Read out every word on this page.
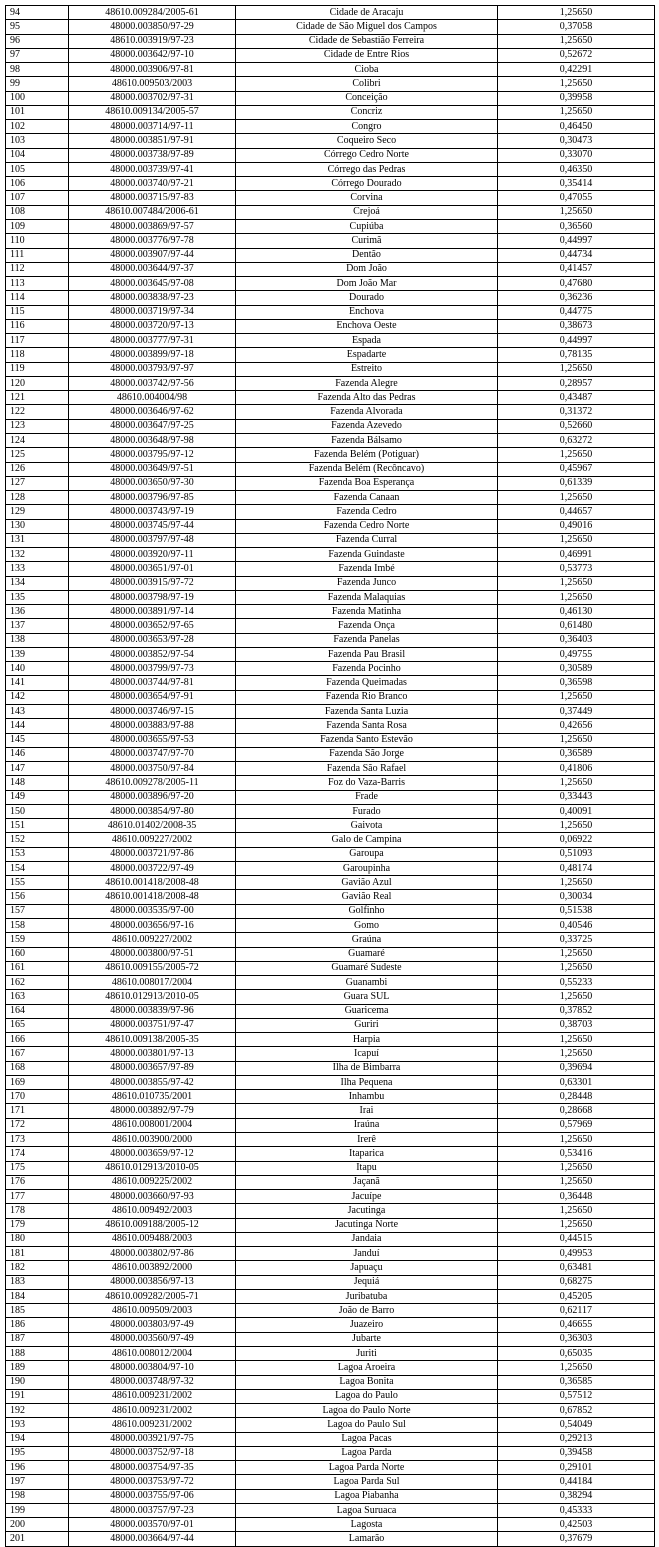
94	48610.009284/2005-61	Cidade de Aracaju	1,25650
95	48000.003850/97-29	Cidade de São Miguel dos Campos	0,37058
96	48610.003919/97-23	Cidade de Sebastião Ferreira	1,25650
97	48000.003642/97-10	Cidade de Entre Rios	0,52672
98	48000.003906/97-81	Cioba	0,42291
99	48610.009503/2003	Colibri	1,25650
100	48000.003702/97-31	Conceição	0,39958
101	48610.009134/2005-57	Concriz	1,25650
102	48000.003714/97-11	Congro	0,46450
103	48000.003851/97-91	Coqueiro Seco	0,30473
104	48000.003738/97-89	Córrego Cedro Norte	0,33070
105	48000.003739/97-41	Córrego das Pedras	0,46350
106	48000.003740/97-21	Córrego Dourado	0,35414
107	48000.003715/97-83	Corvina	0,47055
108	48610.007484/2006-61	Crejoá	1,25650
109	48000.003869/97-57	Cupiúba	0,36560
110	48000.003776/97-78	Curimã	0,44997
111	48000.003907/97-44	Dentão	0,44734
112	48000.003644/97-37	Dom João	0,41457
113	48000.003645/97-08	Dom João Mar	0,47680
114	48000.003838/97-23	Dourado	0,36236
115	48000.003719/97-34	Enchova	0,44775
116	48000.003720/97-13	Enchova Oeste	0,38673
117	48000.003777/97-31	Espada	0,44997
118	48000.003899/97-18	Espadarte	0,78135
119	48000.003793/97-97	Estreito	1,25650
120	48000.003742/97-56	Fazenda Alegre	0,28957
121	48610.004004/98	Fazenda Alto das Pedras	0,43487
122	48000.003646/97-62	Fazenda Alvorada	0,31372
123	48000.003647/97-25	Fazenda Azevedo	0,52660
124	48000.003648/97-98	Fazenda Bálsamo	0,63272
125	48000.003795/97-12	Fazenda Belém (Potiguar)	1,25650
126	48000.003649/97-51	Fazenda Belém (Recôncavo)	0,45967
127	48000.003650/97-30	Fazenda Boa Esperança	0,61339
128	48000.003796/97-85	Fazenda Canaan	1,25650
129	48000.003743/97-19	Fazenda Cedro	0,44657
130	48000.003745/97-44	Fazenda Cedro Norte	0,49016
131	48000.003797/97-48	Fazenda Curral	1,25650
132	48000.003920/97-11	Fazenda Guindaste	0,46991
133	48000.003651/97-01	Fazenda Imbé	0,53773
134	48000.003915/97-72	Fazenda Junco	1,25650
135	48000.003798/97-19	Fazenda Malaquias	1,25650
136	48000.003891/97-14	Fazenda Matinha	0,46130
137	48000.003652/97-65	Fazenda Onça	0,61480
138	48000.003653/97-28	Fazenda Panelas	0,36403
139	48000.003852/97-54	Fazenda Pau Brasil	0,49755
140	48000.003799/97-73	Fazenda Pocinho	0,30589
141	48000.003744/97-81	Fazenda Queimadas	0,36598
142	48000.003654/97-91	Fazenda Rio Branco	1,25650
143	48000.003746/97-15	Fazenda Santa Luzia	0,37449
144	48000.003883/97-88	Fazenda Santa Rosa	0,42656
145	48000.003655/97-53	Fazenda Santo Estevão	1,25650
146	48000.003747/97-70	Fazenda São Jorge	0,36589
147	48000.003750/97-84	Fazenda São Rafael	0,41806
148	48610.009278/2005-11	Foz do Vaza-Barris	1,25650
149	48000.003896/97-20	Frade	0,33443
150	48000.003854/97-80	Furado	0,40091
151	48610.01402/2008-35	Gaivota	1,25650
152	48610.009227/2002	Galo de Campina	0,06922
153	48000.003721/97-86	Garoupa	0,51093
154	48000.003722/97-49	Garoupinha	0,48174
155	48610.001418/2008-48	Gavião Azul	1,25650
156	48610.001418/2008-48	Gavião Real	0,30034
157	48000.003535/97-00	Golfinho	0,51538
158	48000.003656/97-16	Gomo	0,40546
159	48610.009227/2002	Graúna	0,33725
160	48000.003800/97-51	Guamaré	1,25650
161	48610.009155/2005-72	Guamaré Sudeste	1,25650
162	48610.008017/2004	Guanambi	0,55233
163	48610.012913/2010-05	Guara SUL	1,25650
164	48000.003839/97-96	Guaricema	0,37852
165	48000.003751/97-47	Guriri	0,38703
166	48610.009138/2005-35	Harpia	1,25650
167	48000.003801/97-13	Icapuí	1,25650
168	48000.003657/97-89	Ilha de Bimbarra	0,39694
169	48000.003855/97-42	Ilha Pequena	0,63301
170	48610.010735/2001	Inhambu	0,28448
171	48000.003892/97-79	Irai	0,28668
172	48610.008001/2004	Iraúna	0,57969
173	48610.003900/2000	Irerê	1,25650
174	48000.003659/97-12	Itaparica	0,53416
175	48610.012913/2010-05	Itapu	1,25650
176	48610.009225/2002	Jaçanã	1,25650
177	48000.003660/97-93	Jacuípe	0,36448
178	48610.009492/2003	Jacutinga	1,25650
179	48610.009188/2005-12	Jacutinga Norte	1,25650
180	48610.009488/2003	Jandaia	0,44515
181	48000.003802/97-86	Janduí	0,49953
182	48610.003892/2000	Japuaçu	0,63481
183	48000.003856/97-13	Jequiá	0,68275
184	48610.009282/2005-71	Juribatuba	0,45205
185	48610.009509/2003	João de Barro	0,62117
186	48000.003803/97-49	Juazeiro	0,46655
187	48000.003560/97-49	Jubarte	0,36303
188	48610.008012/2004	Juriti	0,65035
189	48000.003804/97-10	Lagoa Aroeira	1,25650
190	48000.003748/97-32	Lagoa Bonita	0,36585
191	48610.009231/2002	Lagoa do Paulo	0,57512
192	48610.009231/2002	Lagoa do Paulo Norte	0,67852
193	48610.009231/2002	Lagoa do Paulo Sul	0,54049
194	48000.003921/97-75	Lagoa Pacas	0,29213
195	48000.003752/97-18	Lagoa Parda	0,39458
196	48000.003754/97-35	Lagoa Parda Norte	0,29101
197	48000.003753/97-72	Lagoa Parda Sul	0,44184
198	48000.003755/97-06	Lagoa Piabanha	0,38294
199	48000.003757/97-23	Lagoa Suruaca	0,45333
200	48000.003570/97-01	Lagosta	0,42503
201	48000.003664/97-44	Lamarão	0,37679
